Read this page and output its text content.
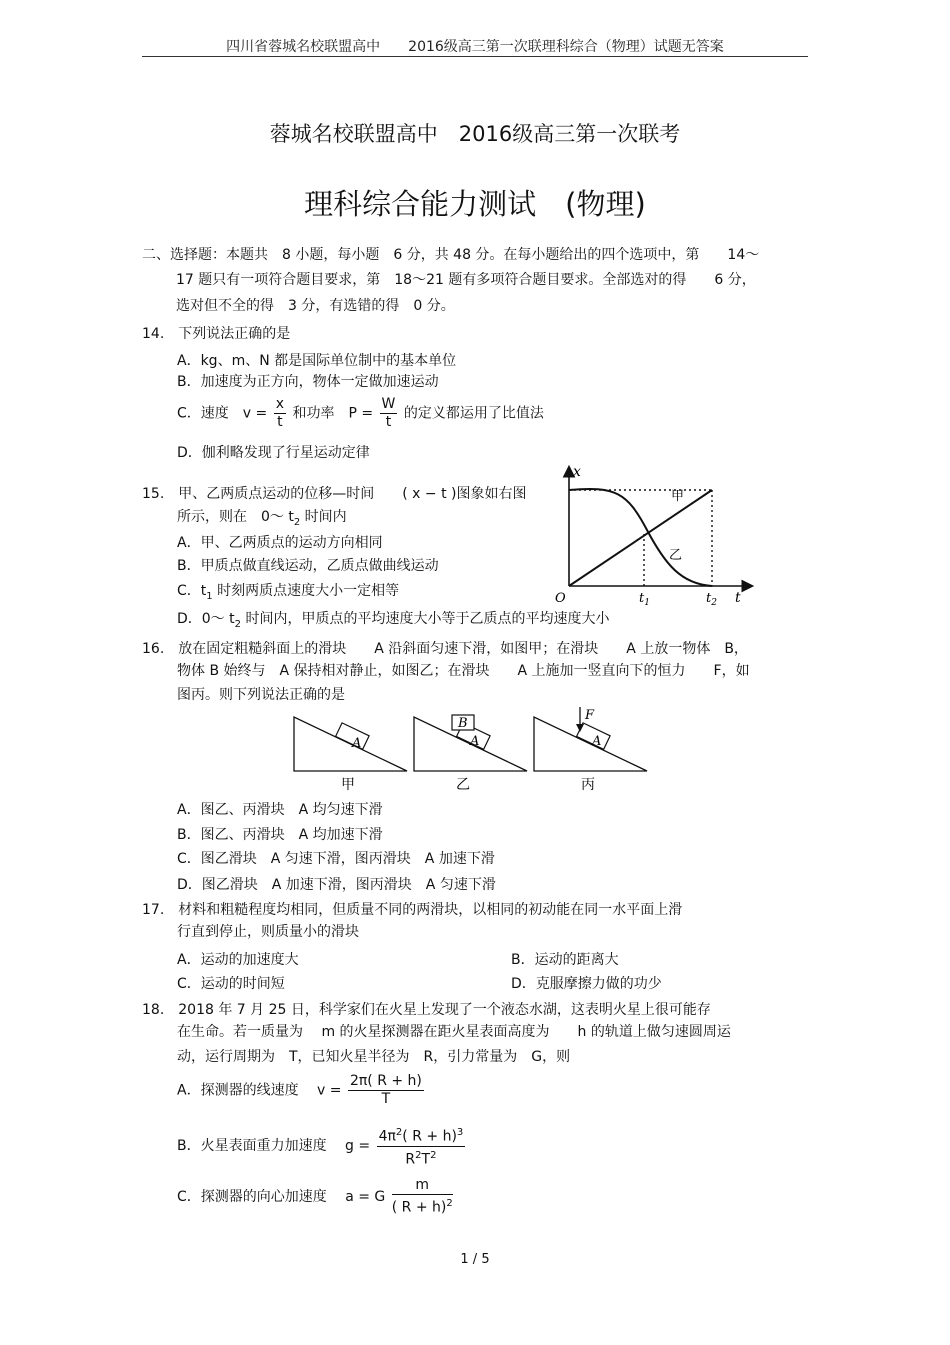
四川省蓉城名校联盟高中　　2016级高三第一次联理科综合（物理）试题无答案
蓉城名校联盟高中　2016级高三第一次联考
理科综合能力测试　(物理)
二、选择题：本题共　8 小题，每小题　6 分，共 48 分。在每小题给出的四个选项中，第　　14～
17 题只有一项符合题目要求，第　18～21 题有多项符合题目要求。全部选对的得　　6 分，
选对但不全的得　3 分，有选错的得　0 分。
14.　下列说法正确的是
A．kg、m、N 都是国际单位制中的基本单位
B．加速度为正方向，物体一定做加速运动
C．速度　$v = \frac{x}{t}$ 和功率　$P = \frac{W}{t}$ 的定义都运用了比值法
D．伽利略发现了行星运动定律
15.　甲、乙两质点运动的位移—时间　　( x − t )图象如右图
所示，则在　0～ $t_2$ 时间内
A．甲、乙两质点的运动方向相同
B．甲质点做直线运动，乙质点做曲线运动
C．$t_1$ 时刻两质点速度大小一定相等
D．0～ $t_2$ 时间内，甲质点的平均速度大小等于乙质点的平均速度大小
x
t
O	$t_1$	$t_2$
甲
乙
16.　放在固定粗糙斜面上的滑块　　A 沿斜面匀速下滑，如图甲；在滑块　　A 上放一物体　B，
物体 B 始终与　A 保持相对静止，如图乙；在滑块　　A 上施加一竖直向下的恒力　　F，如
图丙。则下列说法正确的是
A
甲
B
A
乙
F
A
丙
A．图乙、丙滑块　A 均匀速下滑
B．图乙、丙滑块　A 均加速下滑
C．图乙滑块　A 匀速下滑，图丙滑块　A 加速下滑
D．图乙滑块　A 加速下滑，图丙滑块　A 匀速下滑
17.　材料和粗糙程度均相同，但质量不同的两滑块，以相同的初动能在同一水平面上滑
行直到停止，则质量小的滑块
A．运动的加速度大	B．运动的距离大
C．运动的时间短	D．克服摩擦力做的功少
18.　2018 年 7 月 25 日，科学家们在火星上发现了一个液态水湖，这表明火星上很可能存
在生命。若一质量为　 m 的火星探测器在距火星表面高度为　　h 的轨道上做匀速圆周运
动，运行周期为　T，已知火星半径为　R，引力常量为　G，则
A．探测器的线速度　 $v = \frac{2\pi( R + h)}{T}$
B．火星表面重力加速度　 $g = \frac{4\pi^2( R + h)^3}{R^2T^2}$
C．探测器的向心加速度　 a = G $\frac{m}{( R + h)^2}$
1 / 5
